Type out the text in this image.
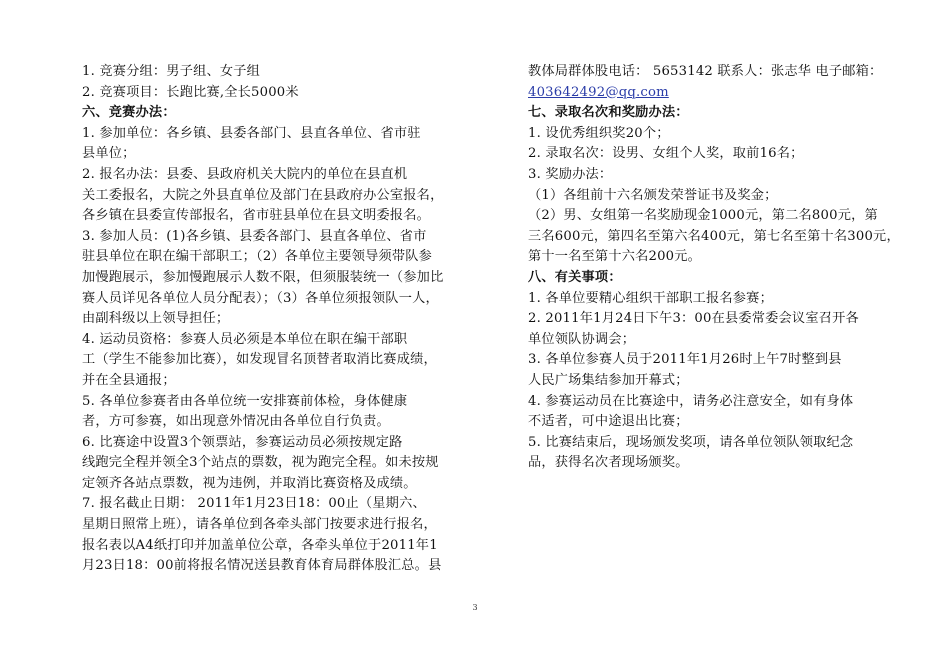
1. 竞赛分组：男子组、女子组
2. 竞赛项目：长跑比赛,全长5000米
六、竞赛办法：
1. 参加单位：各乡镇、县委各部门、县直各单位、省市驻
县单位；
2. 报名办法：县委、县政府机关大院内的单位在县直机
关工委报名，大院之外县直单位及部门在县政府办公室报名，
各乡镇在县委宣传部报名，省市驻县单位在县文明委报名。
3. 参加人员：(1)各乡镇、县委各部门、县直各单位、省市
驻县单位在职在编干部职工；（2）各单位主要领导须带队参
加慢跑展示，参加慢跑展示人数不限，但须服装统一（参加比
赛人员详见各单位人员分配表）；（3）各单位须报领队一人，
由副科级以上领导担任；
4. 运动员资格：参赛人员必须是本单位在职在编干部职
工（学生不能参加比赛），如发现冒名顶替者取消比赛成绩，
并在全县通报；
5. 各单位参赛者由各单位统一安排赛前体检，身体健康
者，方可参赛，如出现意外情况由各单位自行负责。
6. 比赛途中设置3个领票站，参赛运动员必须按规定路
线跑完全程并领全3个站点的票数，视为跑完全程。如未按规
定领齐各站点票数，视为违例，并取消比赛资格及成绩。
7. 报名截止日期： 2011年1月23日18：00止（星期六、
星期日照常上班），请各单位到各牵头部门按要求进行报名，
报名表以A4纸打印并加盖单位公章，各牵头单位于2011年1
月23日18：00前将报名情况送县教育体育局群体股汇总。县
教体局群体股电话： 5653142 联系人：张志华 电子邮箱：
403642492@qq.com
七、录取名次和奖励办法：
1. 设优秀组织奖20个；
2. 录取名次：设男、女组个人奖，取前16名；
3. 奖励办法：
（1）各组前十六名颁发荣誉证书及奖金；
（2）男、女组第一名奖励现金1000元，第二名800元，第
三名600元，第四名至第六名400元，第七名至第十名300元，
第十一名至第十六名200元。
八、有关事项：
1. 各单位要精心组织干部职工报名参赛；
2. 2011年1月24日下午3：00在县委常委会议室召开各
单位领队协调会；
3. 各单位参赛人员于2011年1月26时上午7时整到县
人民广场集结参加开幕式；
4. 参赛运动员在比赛途中，请务必注意安全，如有身体
不适者，可中途退出比赛；
5. 比赛结束后，现场颁发奖项，请各单位领队领取纪念
品，获得名次者现场颁奖。
3
